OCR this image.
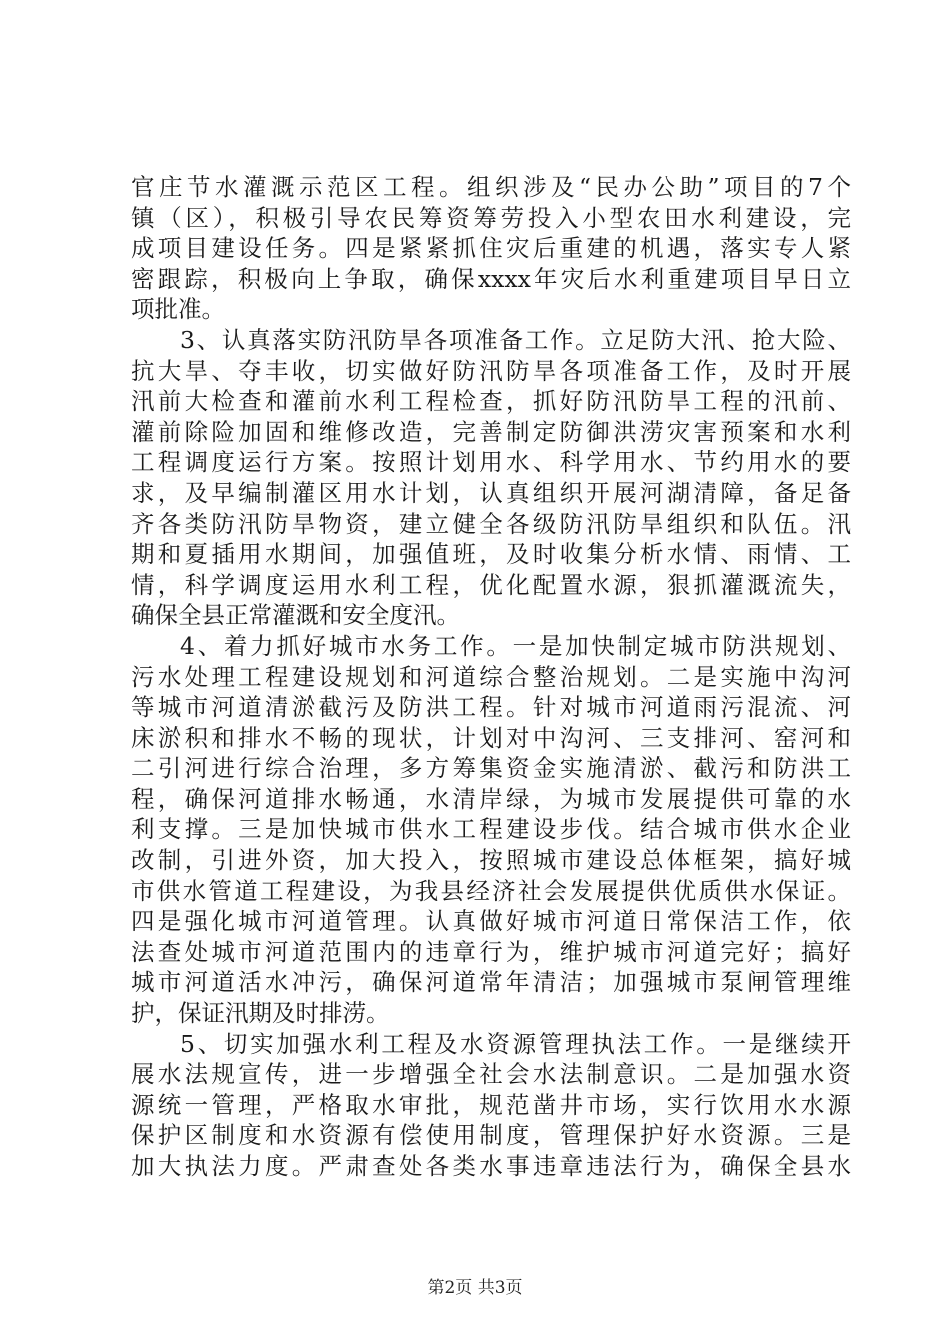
官庄节水灌溉示范区工程。组织涉及“民办公助”项目的7个
镇（区），积极引导农民筹资筹劳投入小型农田水利建设，完
成项目建设任务。四是紧紧抓住灾后重建的机遇，落实专人紧
密跟踪，积极向上争取，确保xxxx年灾后水利重建项目早日立
项批准。
3、认真落实防汛防旱各项准备工作。立足防大汛、抢大险、
抗大旱、夺丰收，切实做好防汛防旱各项准备工作，及时开展
汛前大检查和灌前水利工程检查，抓好防汛防旱工程的汛前、
灌前除险加固和维修改造，完善制定防御洪涝灾害预案和水利
工程调度运行方案。按照计划用水、科学用水、节约用水的要
求，及早编制灌区用水计划，认真组织开展河湖清障，备足备
齐各类防汛防旱物资，建立健全各级防汛防旱组织和队伍。汛
期和夏插用水期间，加强值班，及时收集分析水情、雨情、工
情，科学调度运用水利工程，优化配置水源，狠抓灌溉流失，
确保全县正常灌溉和安全度汛。
4、着力抓好城市水务工作。一是加快制定城市防洪规划、
污水处理工程建设规划和河道综合整治规划。二是实施中沟河
等城市河道清淤截污及防洪工程。针对城市河道雨污混流、河
床淤积和排水不畅的现状，计划对中沟河、三支排河、窑河和
二引河进行综合治理，多方筹集资金实施清淤、截污和防洪工
程，确保河道排水畅通，水清岸绿，为城市发展提供可靠的水
利支撑。三是加快城市供水工程建设步伐。结合城市供水企业
改制，引进外资，加大投入，按照城市建设总体框架，搞好城
市供水管道工程建设，为我县经济社会发展提供优质供水保证。
四是强化城市河道管理。认真做好城市河道日常保洁工作，依
法查处城市河道范围内的违章行为，维护城市河道完好；搞好
城市河道活水冲污，确保河道常年清洁；加强城市泵闸管理维
护，保证汛期及时排涝。
5、切实加强水利工程及水资源管理执法工作。一是继续开
展水法规宣传，进一步增强全社会水法制意识。二是加强水资
源统一管理，严格取水审批，规范凿井市场，实行饮用水水源
保护区制度和水资源有偿使用制度，管理保护好水资源。三是
加大执法力度。严肃查处各类水事违章违法行为，确保全县水
第2页 共3页
